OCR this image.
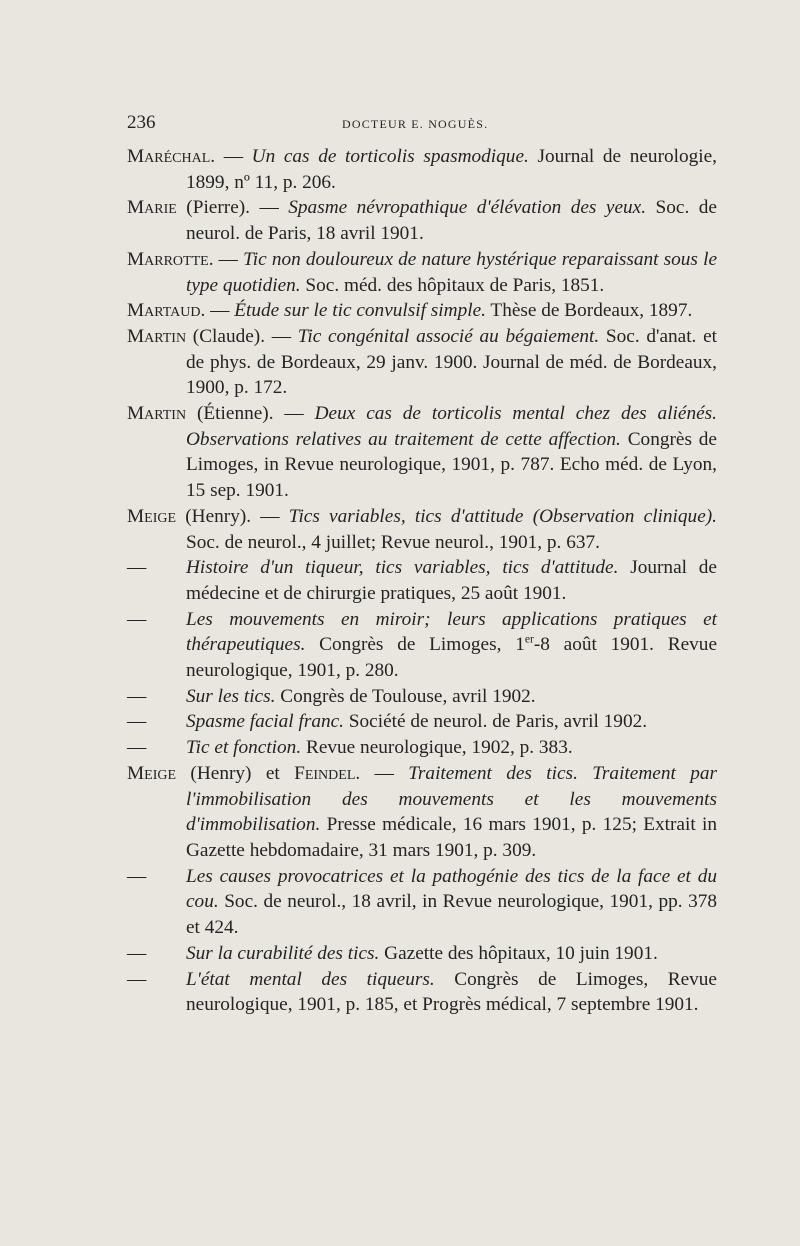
236	DOCTEUR E. NOGUÈS.

Maréchal. — Un cas de torticolis spasmodique. Journal de neurologie, 1899, nº 11, p. 206.

Marie (Pierre). — Spasme névropathique d'élévation des yeux. Soc. de neurol. de Paris, 18 avril 1901.

Marrotte. — Tic non douloureux de nature hystérique reparaissant sous le type quotidien. Soc. méd. des hôpitaux de Paris, 1851.

Martaud. — Étude sur le tic convulsif simple. Thèse de Bordeaux, 1897.

Martin (Claude). — Tic congénital associé au bégaiement. Soc. d'anat. et de phys. de Bordeaux, 29 janv. 1900. Journal de méd. de Bordeaux, 1900, p. 172.

Martin (Étienne). — Deux cas de torticolis mental chez des aliénés. Observations relatives au traitement de cette affection. Congrès de Limoges, in Revue neurologique, 1901, p. 787. Echo méd. de Lyon, 15 sep. 1901.

Meige (Henry). — Tics variables, tics d'attitude (Observation clinique). Soc. de neurol., 4 juillet; Revue neurol., 1901, p. 637.

— Histoire d'un tiqueur, tics variables, tics d'attitude. Journal de médecine et de chirurgie pratiques, 25 août 1901.

— Les mouvements en miroir; leurs applications pratiques et thérapeutiques. Congrès de Limoges, 1er-8 août 1901. Revue neurologique, 1901, p. 280.

— Sur les tics. Congrès de Toulouse, avril 1902.

— Spasme facial franc. Société de neurol. de Paris, avril 1902.

— Tic et fonction. Revue neurologique, 1902, p. 383.

Meige (Henry) et Feindel. — Traitement des tics. Traitement par l'immobilisation des mouvements et les mouvements d'immobilisation. Presse médicale, 16 mars 1901, p. 125; Extrait in Gazette hebdomadaire, 31 mars 1901, p. 309.

— Les causes provocatrices et la pathogénie des tics de la face et du cou. Soc. de neurol., 18 avril, in Revue neurologique, 1901, pp. 378 et 424.

— Sur la curabilité des tics. Gazette des hôpitaux, 10 juin 1901.

— L'état mental des tiqueurs. Congrès de Limoges, Revue neurologique, 1901, p. 185, et Progrès médical, 7 septembre 1901.
